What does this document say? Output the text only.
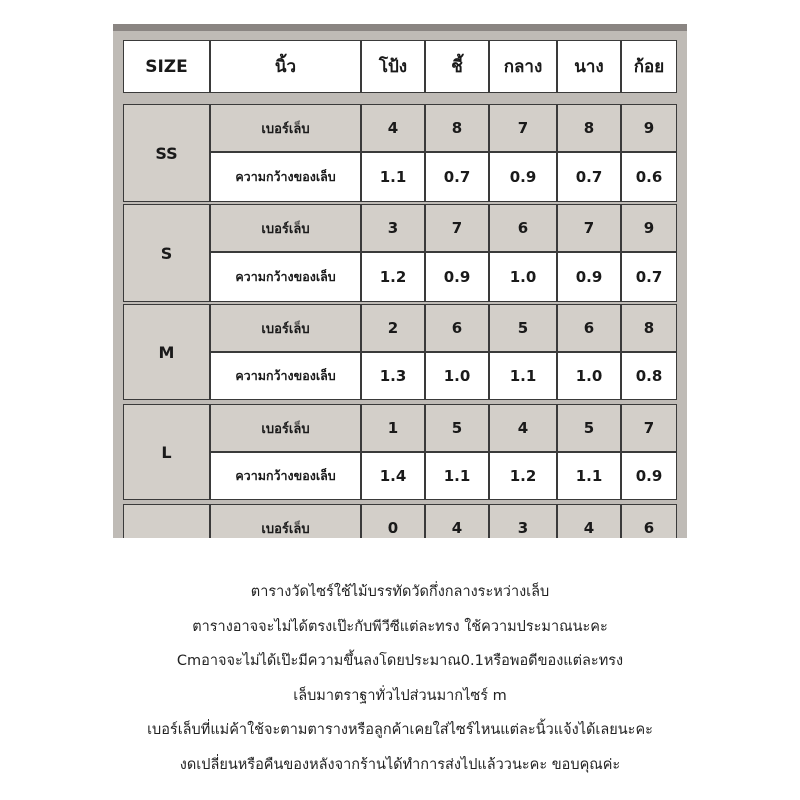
SIZE	นิ้ว	โป้ง	ชี้	กลาง	นาง	ก้อย
SS
เบอร์เล็บ	4	8	7	8	9
ความกว้างของเล็บ	1.1	0.7	0.9	0.7	0.6
S
เบอร์เล็บ	3	7	6	7	9
ความกว้างของเล็บ	1.2	0.9	1.0	0.9	0.7
M
เบอร์เล็บ	2	6	5	6	8
ความกว้างของเล็บ	1.3	1.0	1.1	1.0	0.8
L
เบอร์เล็บ	1	5	4	5	7
ความกว้างของเล็บ	1.4	1.1	1.2	1.1	0.9
เบอร์เล็บ	0	4	3	4	6
ตารางวัดไซร์ใช้ไม้บรรทัดวัดกึ่งกลางระหว่างเล็บ
ตารางอาจจะไม่ได้ตรงเป๊ะกับพีวีซีแต่ละทรง ใช้ความประมาณนะคะ
Cmอาจจะไม่ได้เป๊ะมีความขึ้นลงโดยประมาณ0.1หรือพอดีของแต่ละทรง
เล็บมาตราฐาทั่วไปส่วนมากไซร์ m
เบอร์เล็บที่แม่ค้าใช้จะตามตารางหรือลูกค้าเคยใส่ไซร์ไหนแต่ละนิ้วแจ้งได้เลยนะคะ
งดเปลี่ยนหรือคืนของหลังจากร้านได้ทำการส่งไปแล้ววนะคะ ขอบคุณค่ะ
